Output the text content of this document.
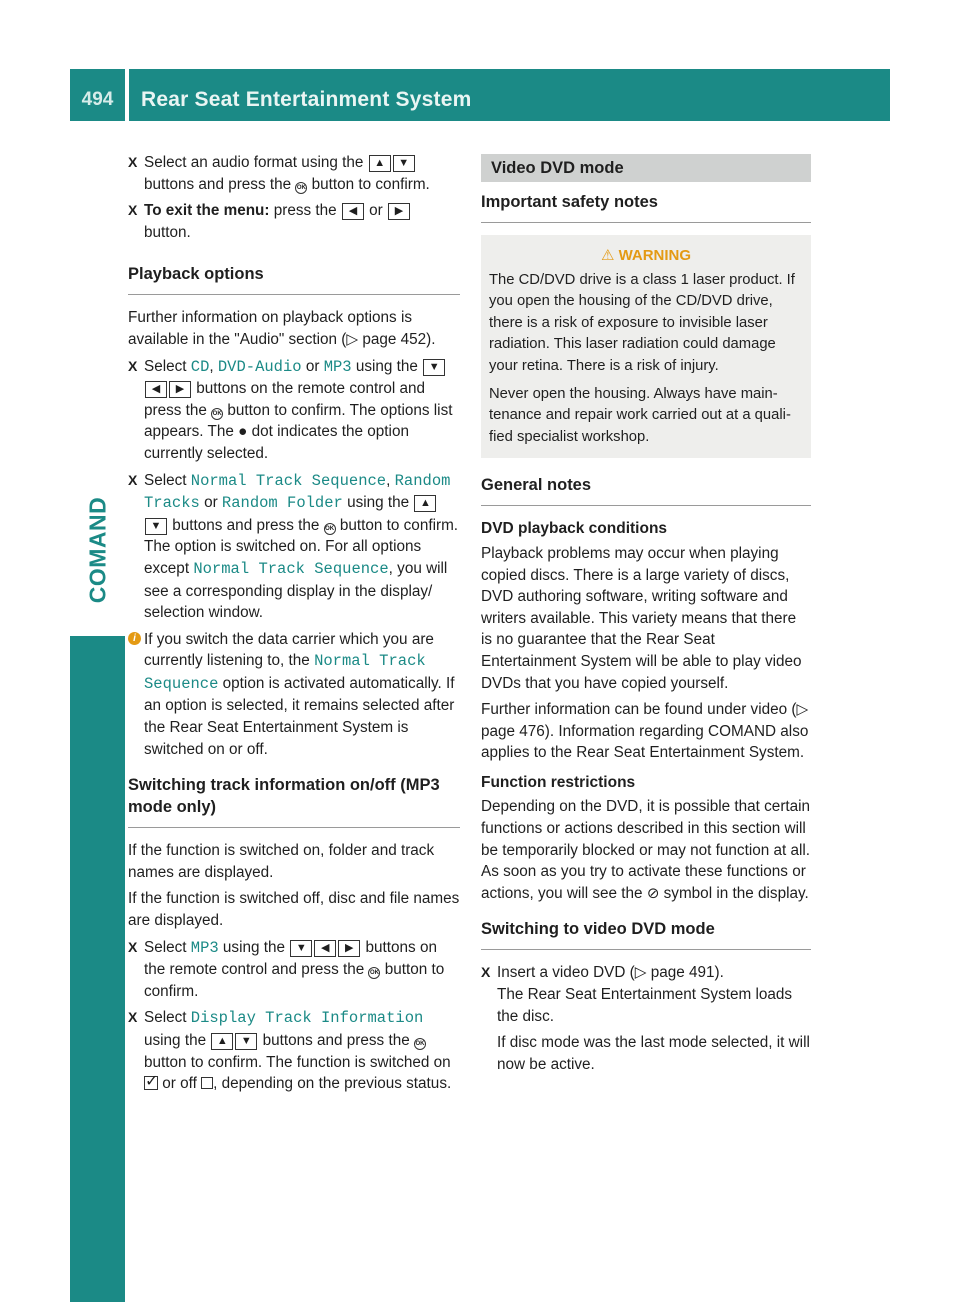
494	Rear Seat Entertainment System
COMAND
X Select an audio format using the ▲ ▼ buttons and press the OK button to confirm.
X To exit the menu: press the ◀ or ▶ button.
Playback options

Further information on playback options is available in the "Audio" section (▷ page 452).

X Select CD, DVD-Audio or MP3 using the ▼◀ ▶ buttons on the remote control and press the OK button to confirm. The options list appears. The ● dot indicates the option currently selected.
X Select Normal Track Sequence, Random Tracks or Random Folder using the ▲▼ buttons and press the OK button to confirm. The option is switched on. For all options except Normal Track Sequence, you will see a corresponding display in the display/ selection window.
i If you switch the data carrier which you are currently listening to, the Normal Track Sequence option is activated automatically. If an option is selected, it remains selected after the Rear Seat Entertainment System is switched on or off.
Switching track information on/off (MP3 mode only)

If the function is switched on, folder and track names are displayed.

If the function is switched off, disc and file names are displayed.

X Select MP3 using the ▼ ◀ ▶ buttons on the remote control and press the OK button to confirm.
X Select Display Track Information using the ▲ ▼ buttons and press the OK button to confirm. The function is switched on ✓ or off , depending on the previous status.
Video DVD mode
Important safety notes
⚠︎ WARNING

The CD/DVD drive is a class 1 laser product. If you open the housing of the CD/DVD drive, there is a risk of exposure to invisible laser radiation. This laser radiation could damage your retina. There is a risk of injury.

Never open the housing. Always have maintenance and repair work carried out at a qualified specialist workshop.

General notes
DVD playback conditions

Playback problems may occur when playing copied discs. There is a large variety of discs, DVD authoring software, writing software and writers available. This variety means that there is no guarantee that the Rear Seat Entertainment System will be able to play video DVDs that you have copied yourself.

Further information can be found under video (▷ page 476). Information regarding COMAND also applies to the Rear Seat Entertainment System.

Function restrictions

Depending on the DVD, it is possible that certain functions or actions described in this section will be temporarily blocked or may not function at all. As soon as you try to activate these functions or actions, you will see the ⊘ symbol in the display.

Switching to video DVD mode
X Insert a video DVD (▷ page 491).
The Rear Seat Entertainment System loads the disc.
If disc mode was the last mode selected, it will now be active.
